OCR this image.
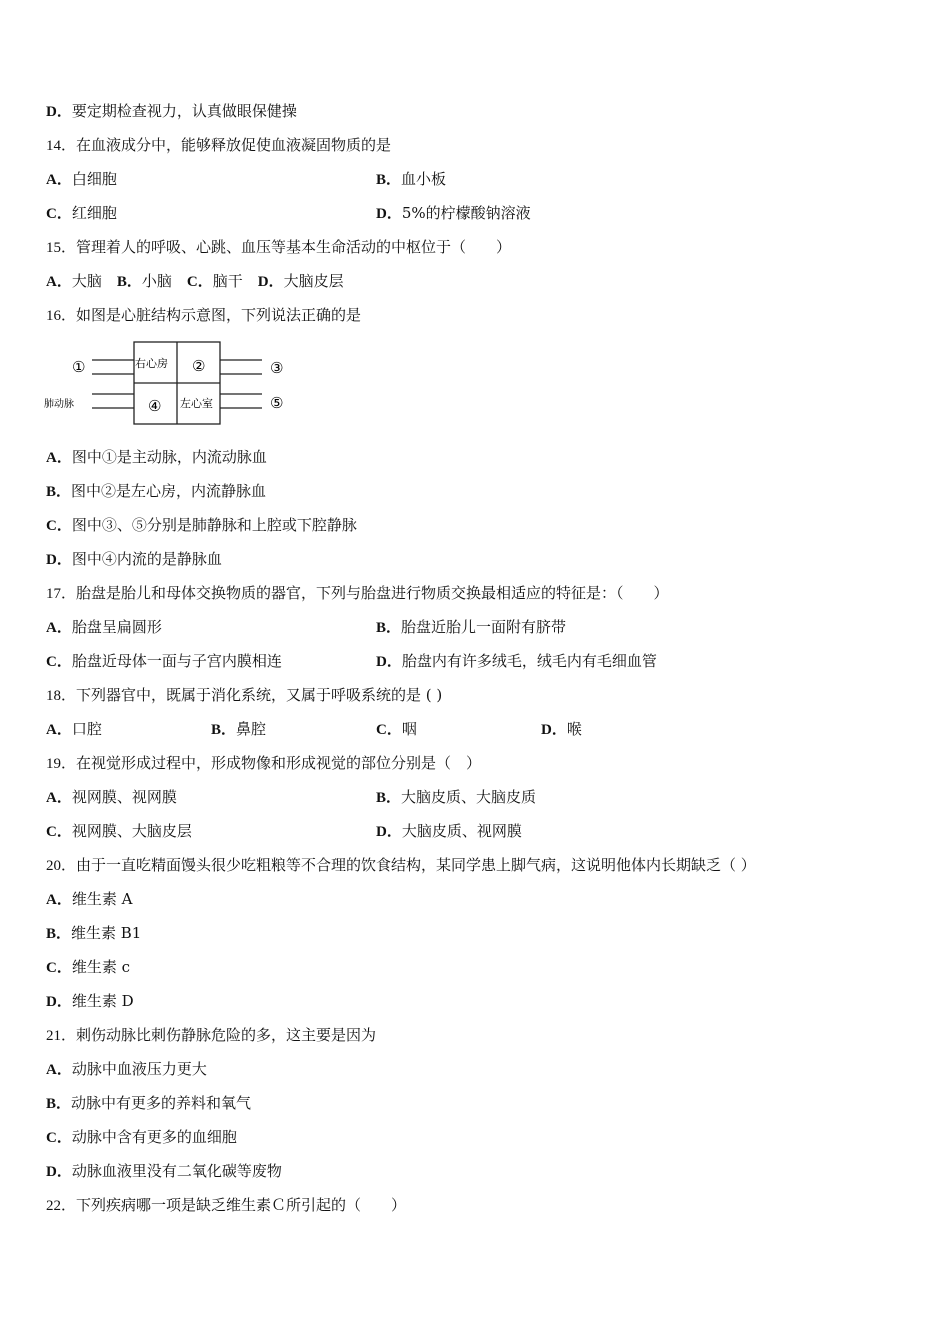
D．要定期检查视力，认真做眼保健操
14．在血液成分中，能够释放促使血液凝固物质的是
A．白细胞	B．血小板
C．红细胞	D．5%的柠檬酸钠溶液
15．管理着人的呼吸、心跳、血压等基本生命活动的中枢位于（　　）
A．大脑　 B．小脑　 C．脑干　 D．大脑皮层
16．如图是心脏结构示意图，下列说法正确的是
右心房
左心室
肺动脉
①	②	③
④	⑤
A．图中①是主动脉，内流动脉血
B．图中②是左心房，内流静脉血
C．图中③、⑤分别是肺静脉和上腔或下腔静脉
D．图中④内流的是静脉血
17．胎盘是胎儿和母体交换物质的器官，下列与胎盘进行物质交换最相适应的特征是：（　　）
A．胎盘呈扁圆形	B．胎盘近胎儿一面附有脐带
C．胎盘近母体一面与子宫内膜相连	D．胎盘内有许多绒毛，绒毛内有毛细血管
18．下列器官中，既属于消化系统，又属于呼吸系统的是 ( )
A．口腔	B．鼻腔	C．咽	D．喉
19．在视觉形成过程中，形成物像和形成视觉的部位分别是（　）
A．视网膜、视网膜	B．大脑皮质、大脑皮质
C．视网膜、大脑皮层	D．大脑皮质、视网膜
20．由于一直吃精面馒头很少吃粗粮等不合理的饮食结构，某同学患上脚气病，这说明他体内长期缺乏（ ）
A．维生素 A
B．维生素 B1
C．维生素 c
D．维生素 D
21．刺伤动脉比刺伤静脉危险的多，这主要是因为
A．动脉中血液压力更大
B．动脉中有更多的养料和氧气
C．动脉中含有更多的血细胞
D．动脉血液里没有二氧化碳等废物
22．下列疾病哪一项是缺乏维生素Ｃ所引起的（　　）
